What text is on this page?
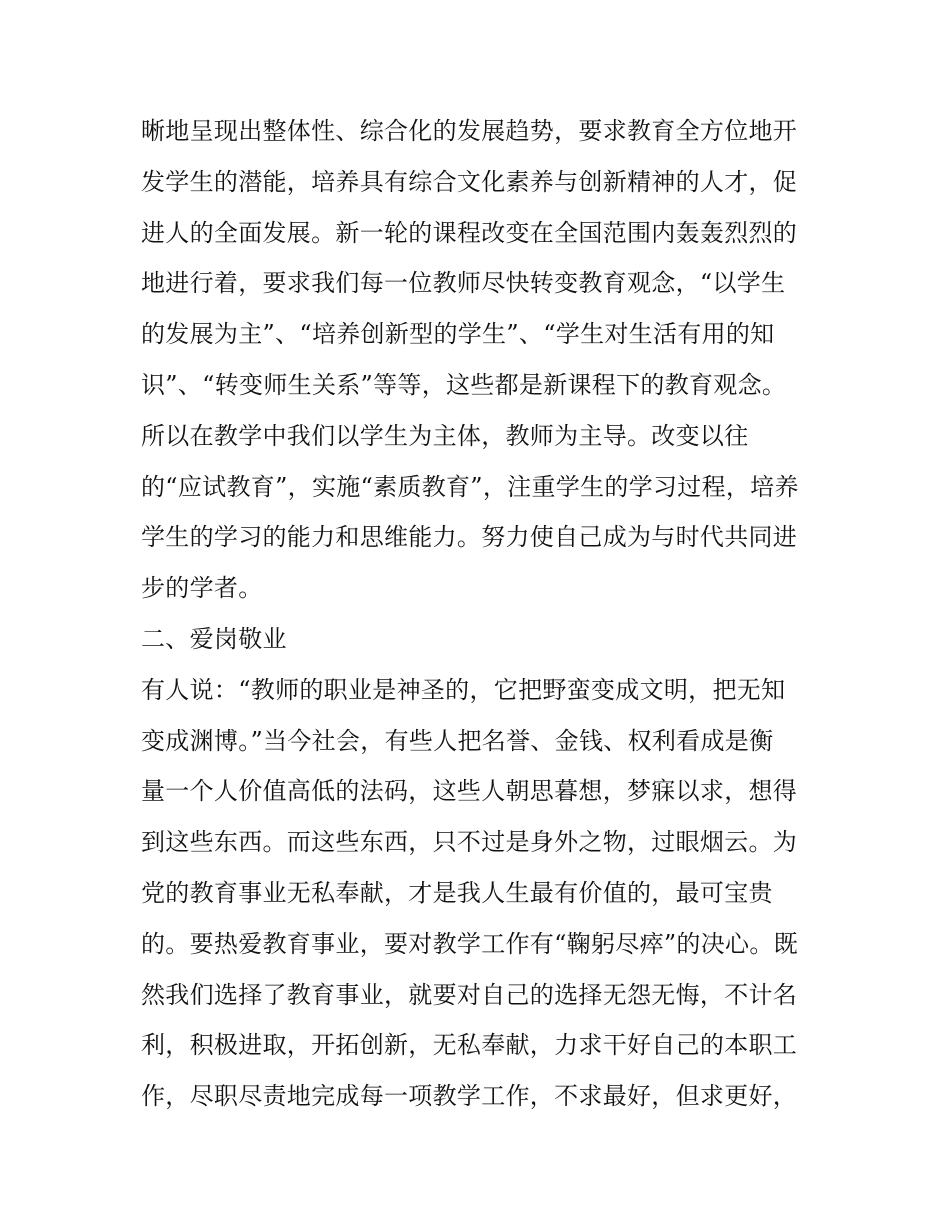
晰地呈现出整体性、综合化的发展趋势，要求教育全方位地开
发学生的潜能，培养具有综合文化素养与创新精神的人才，促
进人的全面发展。新一轮的课程改变在全国范围内轰轰烈烈的
地进行着，要求我们每一位教师尽快转变教育观念，“以学生
的发展为主”、“培养创新型的学生”、“学生对生活有用的知
识”、“转变师生关系”等等，这些都是新课程下的教育观念。
所以在教学中我们以学生为主体，教师为主导。改变以往
的“应试教育”，实施“素质教育”，注重学生的学习过程，培养
学生的学习的能力和思维能力。努力使自己成为与时代共同进
步的学者。
二、爱岗敬业
有人说：“教师的职业是神圣的，它把野蛮变成文明，把无知
变成渊博。”当今社会，有些人把名誉、金钱、权利看成是衡
量一个人价值高低的法码，这些人朝思暮想，梦寐以求，想得
到这些东西。而这些东西，只不过是身外之物，过眼烟云。为
党的教育事业无私奉献，才是我人生最有价值的，最可宝贵
的。要热爱教育事业，要对教学工作有“鞠躬尽瘁”的决心。既
然我们选择了教育事业，就要对自己的选择无怨无悔，不计名
利，积极进取，开拓创新，无私奉献，力求干好自己的本职工
作，尽职尽责地完成每一项教学工作，不求最好，但求更好，
